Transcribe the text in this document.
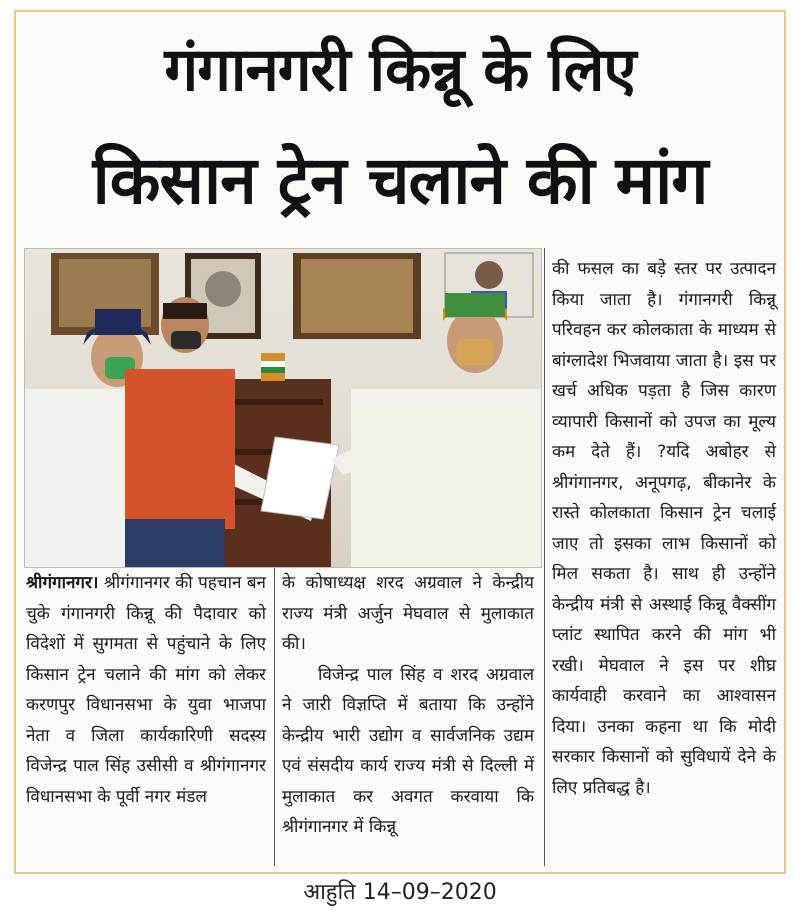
गंगानगरी किन्नू के लिए
किसान ट्रेन चलाने की मांग

की फसल का बड़े स्तर पर उत्पादन किया जाता है। गंगानगरी किन्नू परिवहन कर कोलकाता के माध्यम से बांग्लादेश भिजवाया जाता है। इस पर खर्च अधिक पड़ता है जिस कारण व्यापारी किसानों को उपज का मूल्य कम देते हैं। ?यदि अबोहर से श्रीगंगानगर, अनूपगढ़, बीकानेर के रास्ते कोलकाता किसान ट्रेन चलाई जाए तो इसका लाभ किसानों को मिल सकता है। साथ ही उन्होंने केन्द्रीय मंत्री से अस्थाई किन्नू वैक्सींग प्लांट स्थापित करने की मांग भी रखी। मेघवाल ने इस पर शीघ्र कार्यवाही करवाने का आश्वासन दिया। उनका कहना था कि मोदी सरकार किसानों को सुविधायें देने के लिए प्रतिबद्ध है।

श्रीगंगानगर। श्रीगंगानगर की पहचान बन चुके गंगानगरी किन्नू की पैदावार को विदेशों में सुगमता से पहुंचाने के लिए किसान ट्रेन चलाने की मांग को लेकर करणपुर विधानसभा के युवा भाजपा नेता व जिला कार्यकारिणी सदस्य विजेन्द्र पाल सिंह उसीसी व श्रीगंगानगर विधानसभा के पूर्वी नगर मंडल

के कोषाध्यक्ष शरद अग्रवाल ने केन्द्रीय राज्य मंत्री अर्जुन मेघवाल से मुलाकात की।

विजेन्द्र पाल सिंह व शरद अग्रवाल ने जारी विज्ञप्ति में बताया कि उन्होंने केन्द्रीय भारी उद्योग व सार्वजनिक उद्यम एवं संसदीय कार्य राज्य मंत्री से दिल्ली में मुलाकात कर अवगत करवाया कि श्रीगंगानगर में किन्नू

आहुति 14–09–2020
